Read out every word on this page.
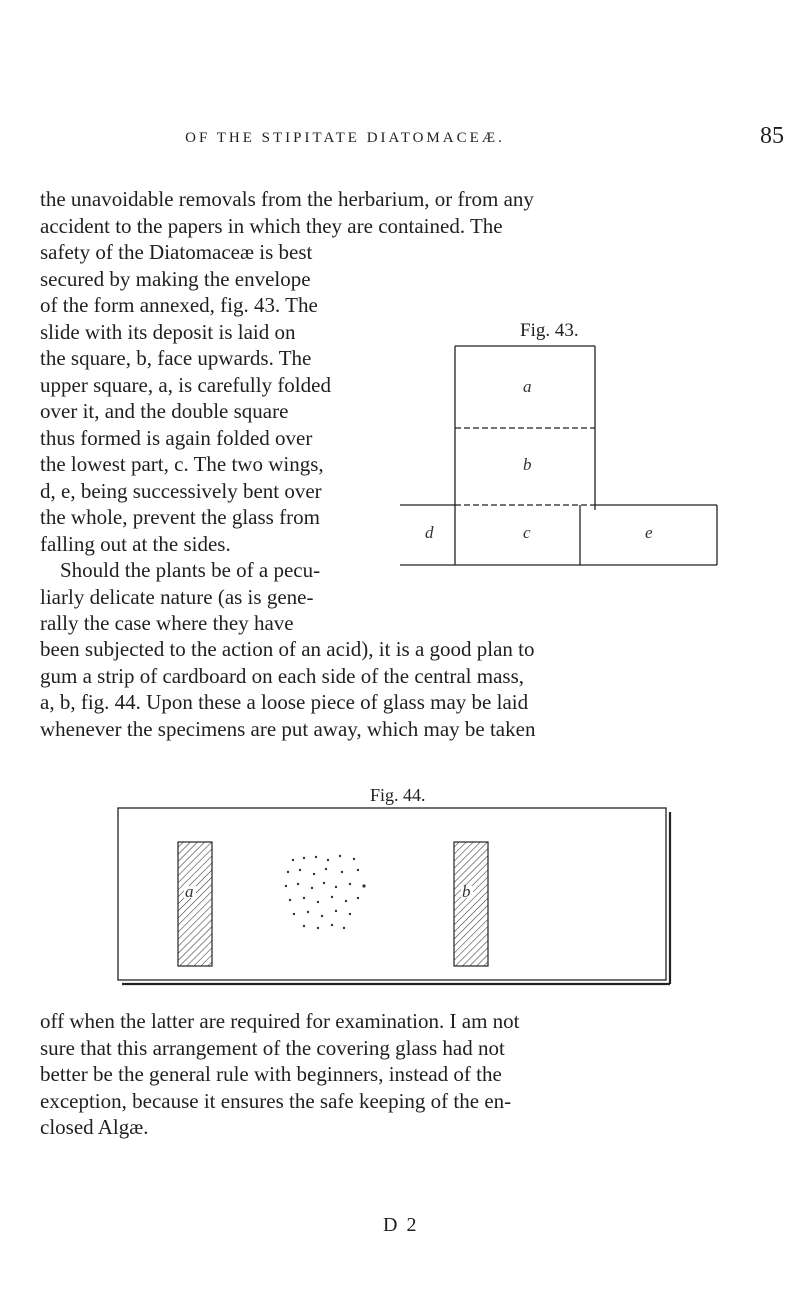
OF THE STIPITATE DIATOMACEÆ.	85
the unavoidable removals from the herbarium, or from any
accident to the papers in which they are contained. The
safety of the Diatomaceæ is best
secured by making the envelope
of the form annexed, fig. 43. The
slide with its deposit is laid on
the square, b, face upwards. The
upper square, a, is carefully folded
over it, and the double square
thus formed is again folded over
the lowest part, c. The two wings,
d, e, being successively bent over
the whole, prevent the glass from
falling out at the sides.
Should the plants be of a pecu-
liarly delicate nature (as is gene-
rally the case where they have
Fig. 43.
a
b
c
d	e
been subjected to the action of an acid), it is a good plan to
gum a strip of cardboard on each side of the central mass,
a, b, fig. 44. Upon these a loose piece of glass may be laid
whenever the specimens are put away, which may be taken
Fig. 44.
a	b
off when the latter are required for examination. I am not
sure that this arrangement of the covering glass had not
better be the general rule with beginners, instead of the
exception, because it ensures the safe keeping of the en-
closed Algæ.
D 2
